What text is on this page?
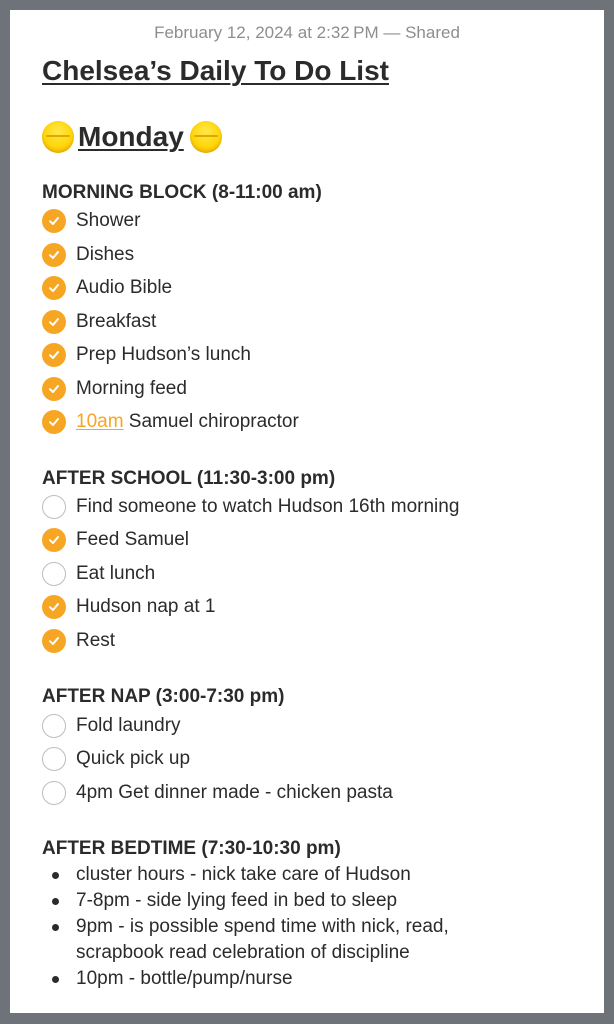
February 12, 2024 at 2:32 PM — Shared
Chelsea’s Daily To Do List
Monday
MORNING BLOCK (8-11:00 am)
Shower
Dishes
Audio Bible
Breakfast
Prep Hudson’s lunch
Morning feed
10am Samuel chiropractor
AFTER SCHOOL (11:30-3:00 pm)
Find someone to watch Hudson 16th morning
Feed Samuel
Eat lunch
Hudson nap at 1
Rest
AFTER NAP (3:00-7:30 pm)
Fold laundry
Quick pick up
4pm Get dinner made - chicken pasta
AFTER BEDTIME (7:30-10:30 pm)
cluster hours - nick take care of Hudson
7-8pm - side lying feed in bed to sleep
9pm - is possible spend time with nick, read,
scrapbook read celebration of discipline
10pm - bottle/pump/nurse
